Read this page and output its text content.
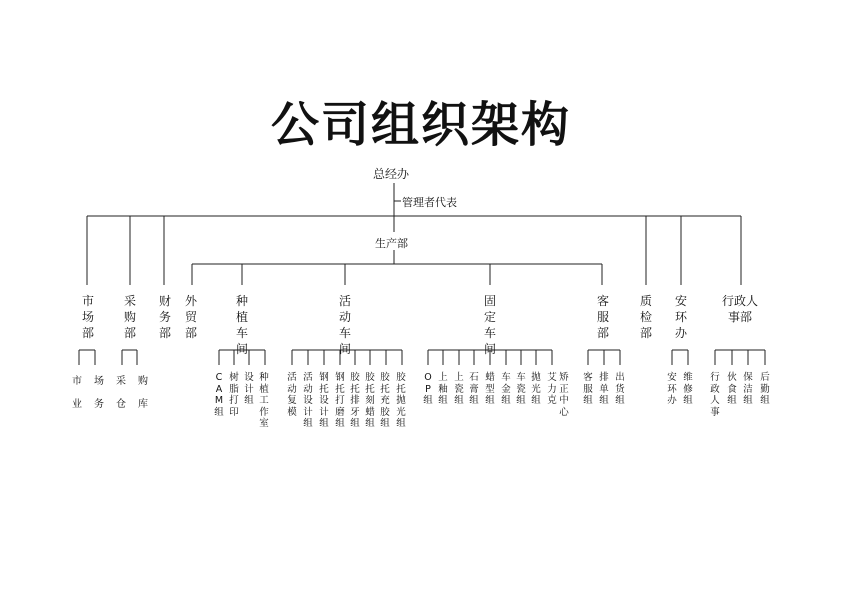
公司组织架构
总经办
管理者代表
生产部
市场部
采购部
财务部
外贸部
种植车间
活动车间
固定车间
客服部
质检部
安环办
行政人事部
市场
业务
采购
仓库
CAM组
树脂打印
设计组
种植工作室
活动复模
活动设计组
钢托设计组
钢托打磨组
胶托排牙组
胶托刻蜡组
胶托充胶组
胶托抛光组
OP组
上釉组
上瓷组
石膏组
蜡型组
车金组
车瓷组
抛光组
艾力克
矫正中心
客服组
排单组
出货组
安环办
维修组
行政人事
伙食组
保洁组
后勤组
